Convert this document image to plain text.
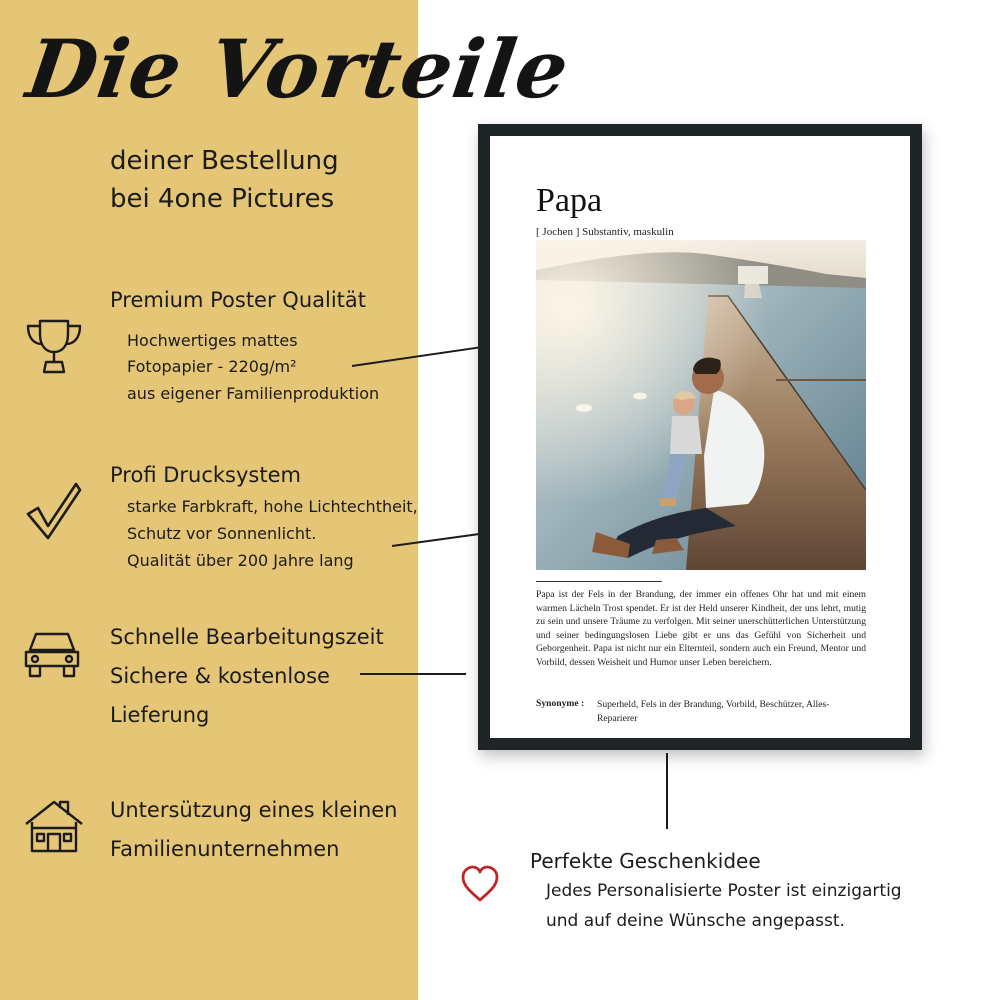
Die Vorteile
deiner Bestellung
bei 4one Pictures
Premium Poster Qualität
Hochwertiges mattes
Fotopapier - 220g/m²
aus eigener Familienproduktion
Profi Drucksystem
starke Farbkraft, hohe Lichtechtheit,
Schutz vor Sonnenlicht.
Qualität über 200 Jahre lang
Schnelle Bearbeitungszeit
Sichere & kostenlose
Lieferung
Untersützung eines kleinen
Familienunternehmen
Papa
[ Jochen ] Substantiv, maskulin
Papa ist der Fels in der Brandung, der immer ein offenes Ohr hat und mit einem warmen Lächeln Trost spendet. Er ist der Held unserer Kindheit, der uns lehrt, mutig zu sein und unsere Träume zu verfolgen. Mit seiner unerschütterlichen Unterstützung und seiner bedingungslosen Liebe gibt er uns das Gefühl von Sicherheit und Geborgenheit. Papa ist nicht nur ein Elternteil, sondern auch ein Freund, Mentor und Vorbild, dessen Weisheit und Humor unser Leben bereichern.
Synonyme : Superheld, Fels in der Brandung, Vorbild, Beschützer, Alles-Reparierer
Perfekte Geschenkidee
Jedes Personalisierte Poster ist einzigartig
und auf deine Wünsche angepasst.
